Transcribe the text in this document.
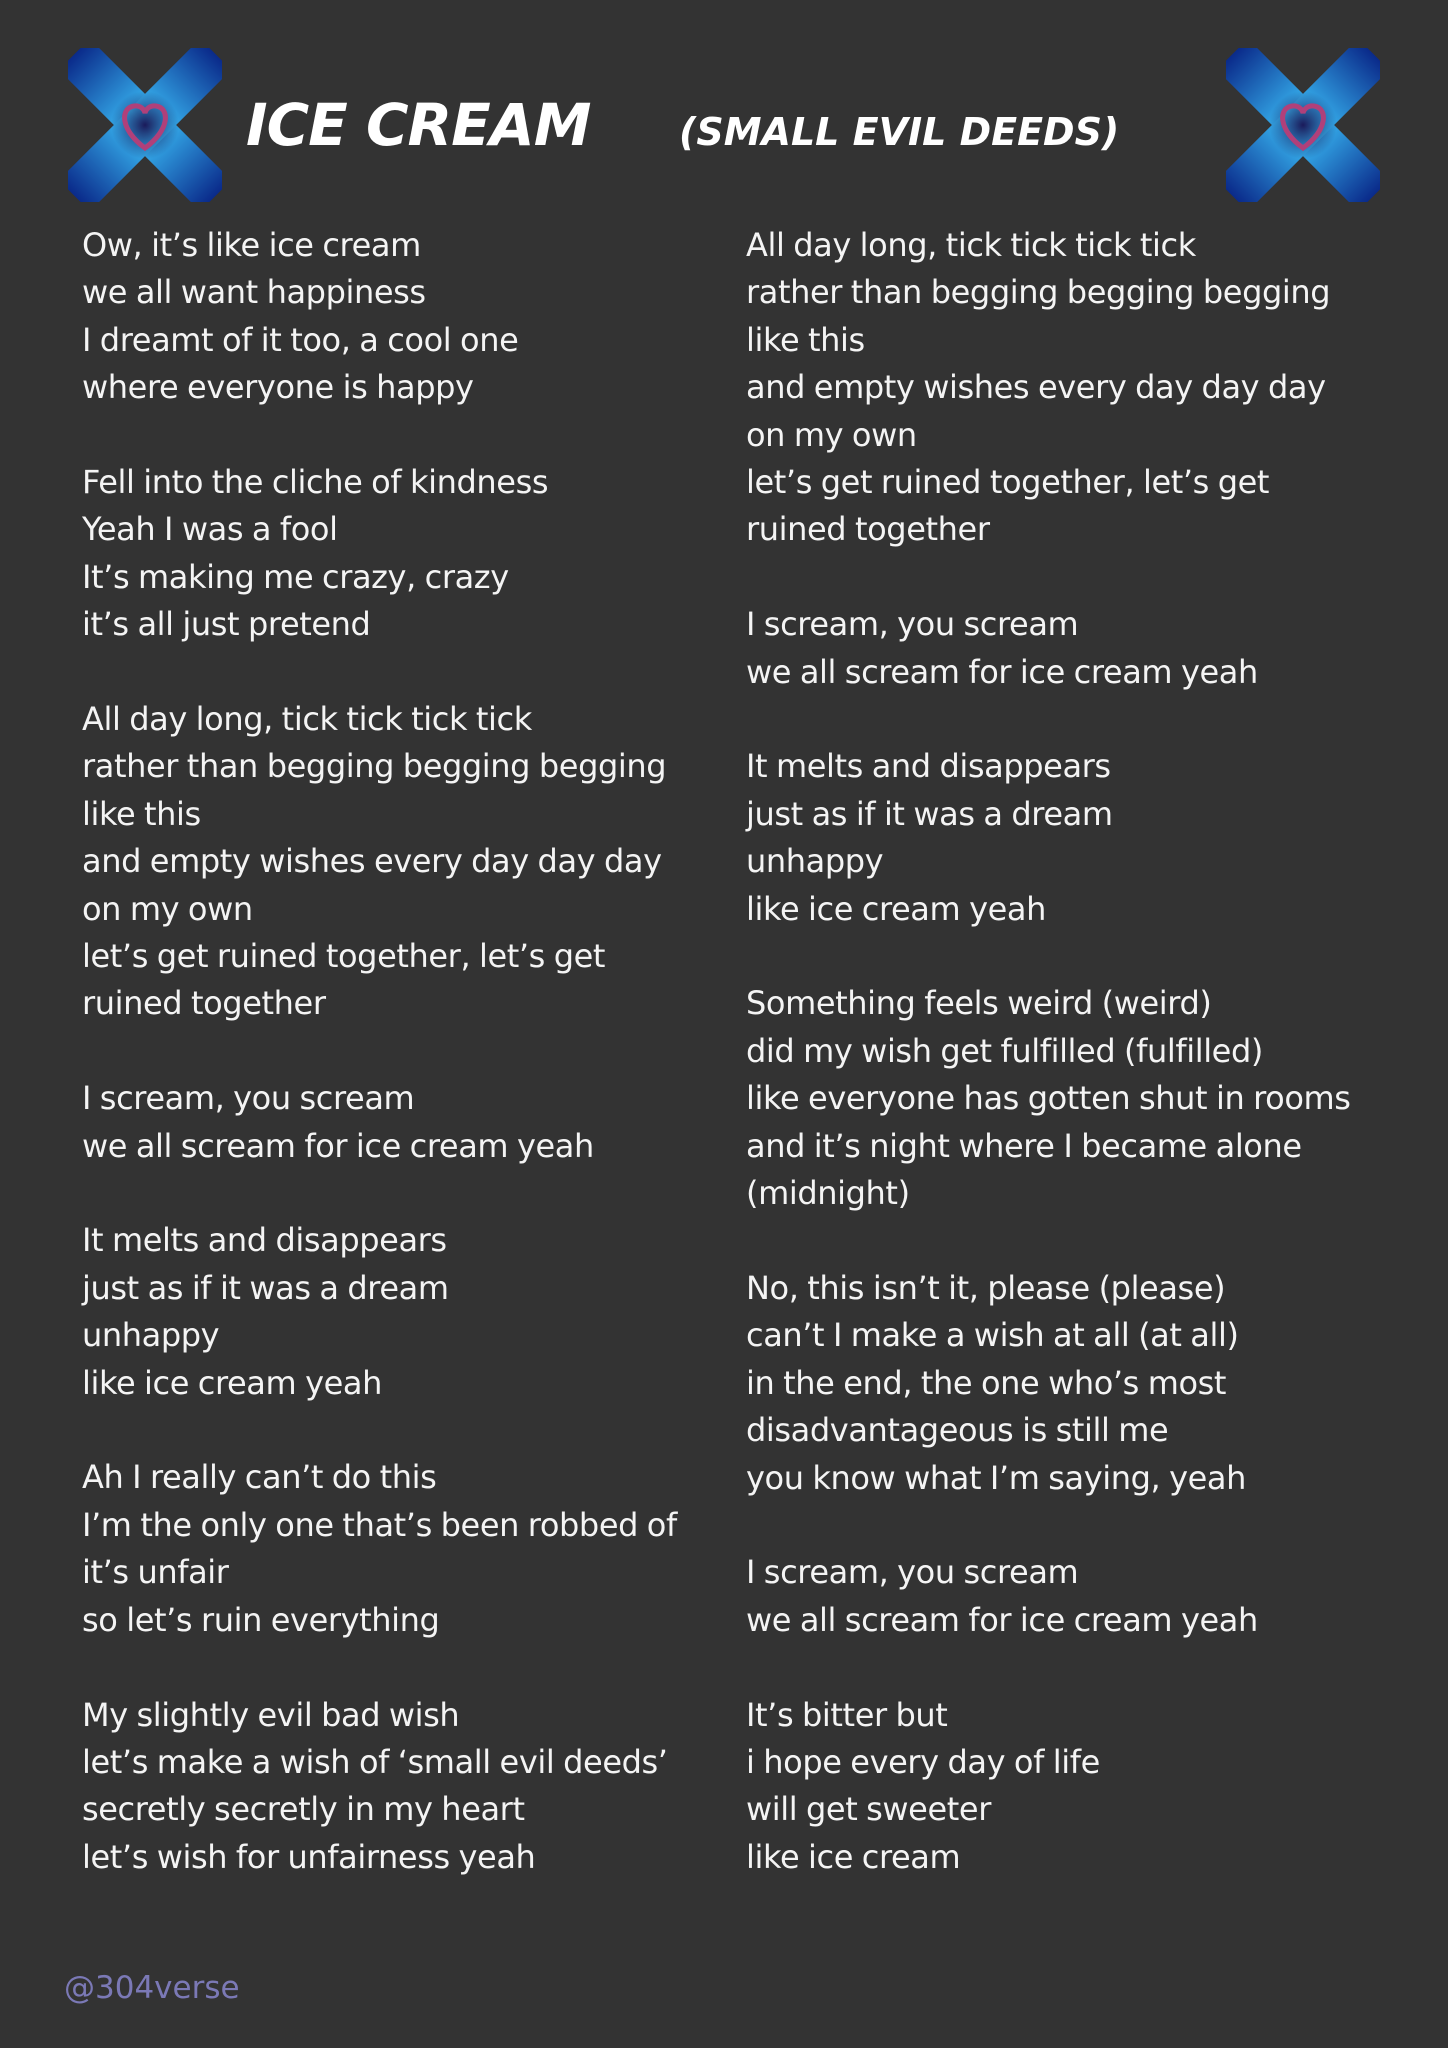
ICE CREAM (SMALL EVIL DEEDS)
Ow, it’s like ice cream
we all want happiness
I dreamt of it too, a cool one
where everyone is happy
Fell into the cliche of kindness
Yeah I was a fool
It’s making me crazy, crazy
it’s all just pretend
All day long, tick tick tick tick
rather than begging begging begging
like this
and empty wishes every day day day
on my own
let’s get ruined together, let’s get
ruined together
I scream, you scream
we all scream for ice cream yeah
It melts and disappears
just as if it was a dream
unhappy
like ice cream yeah
Ah I really can’t do this
I’m the only one that’s been robbed of
it’s unfair
so let’s ruin everything
My slightly evil bad wish
let’s make a wish of ‘small evil deeds’
secretly secretly in my heart
let’s wish for unfairness yeah
All day long, tick tick tick tick
rather than begging begging begging
like this
and empty wishes every day day day
on my own
let’s get ruined together, let’s get
ruined together
I scream, you scream
we all scream for ice cream yeah
It melts and disappears
just as if it was a dream
unhappy
like ice cream yeah
Something feels weird (weird)
did my wish get fulfilled (fulfilled)
like everyone has gotten shut in rooms
and it’s night where I became alone
(midnight)
No, this isn’t it, please (please)
can’t I make a wish at all (at all)
in the end, the one who’s most
disadvantageous is still me
you know what I’m saying, yeah
I scream, you scream
we all scream for ice cream yeah
It’s bitter but
i hope every day of life
will get sweeter
like ice cream
@304verse
